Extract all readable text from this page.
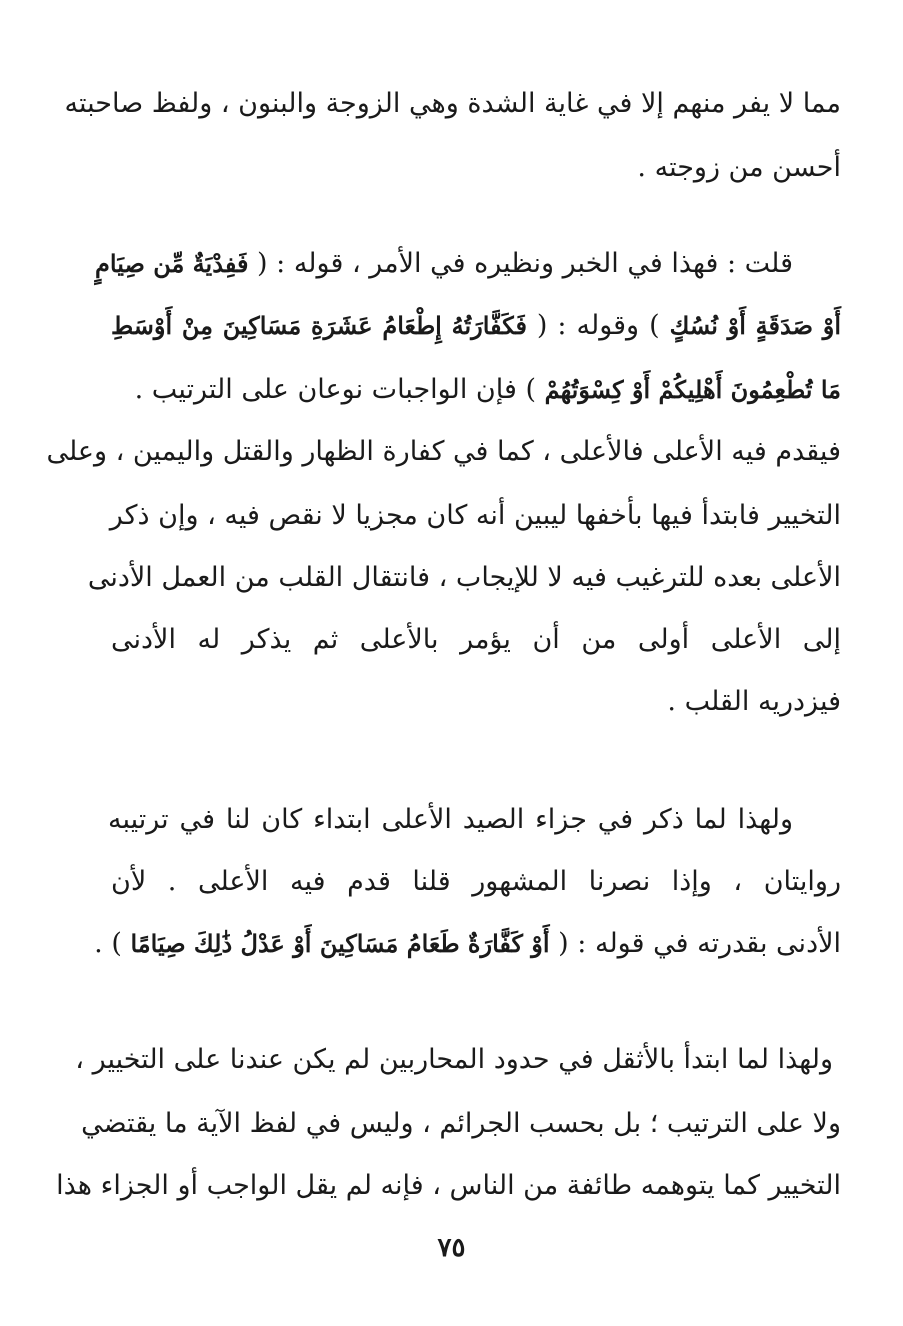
مما لا يفر منهم إلا في غاية الشدة وهي الزوجة والبنون ، ولفظ صاحبته
أحسن من زوجته .
قلت : فهذا في الخبر ونظيره في الأمر ، قوله : ( فَفِدْيَةٌ مِّن صِيَامٍ
أَوْ صَدَقَةٍ أَوْ نُسُكٍ ) وقوله : ( فَكَفَّارَتُهُ إِطْعَامُ عَشَرَةِ مَسَاكِينَ مِنْ أَوْسَطِ
مَا تُطْعِمُونَ أَهْلِيكُمْ أَوْ كِسْوَتُهُمْ ) فإن الواجبات نوعان على الترتيب .
فيقدم فيه الأعلى فالأعلى ، كما في كفارة الظهار والقتل واليمين ، وعلى
التخيير فابتدأ فيها بأخفها ليبين أنه كان مجزيا لا نقص فيه ، وإن ذكر
الأعلى بعده للترغيب فيه لا للإيجاب ، فانتقال القلب من العمل الأدنى
إلى الأعلى أولى من أن يؤمر بالأعلى ثم يذكر له الأدنى
فيزدريه القلب .
ولهذا لما ذكر في جزاء الصيد الأعلى ابتداء كان لنا في ترتيبه
روايتان ، وإذا نصرنا المشهور قلنا قدم فيه الأعلى . لأن
الأدنى بقدرته في قوله : ( أَوْ كَفَّارَةٌ طَعَامُ مَسَاكِينَ أَوْ عَدْلُ ذَٰلِكَ صِيَامًا ) .
ولهذا لما ابتدأ بالأثقل في حدود المحاربين لم يكن عندنا على التخيير ،
ولا على الترتيب ؛ بل بحسب الجرائم ، وليس في لفظ الآية ما يقتضي
التخيير كما يتوهمه طائفة من الناس ، فإنه لم يقل الواجب أو الجزاء هذا
٧٥
